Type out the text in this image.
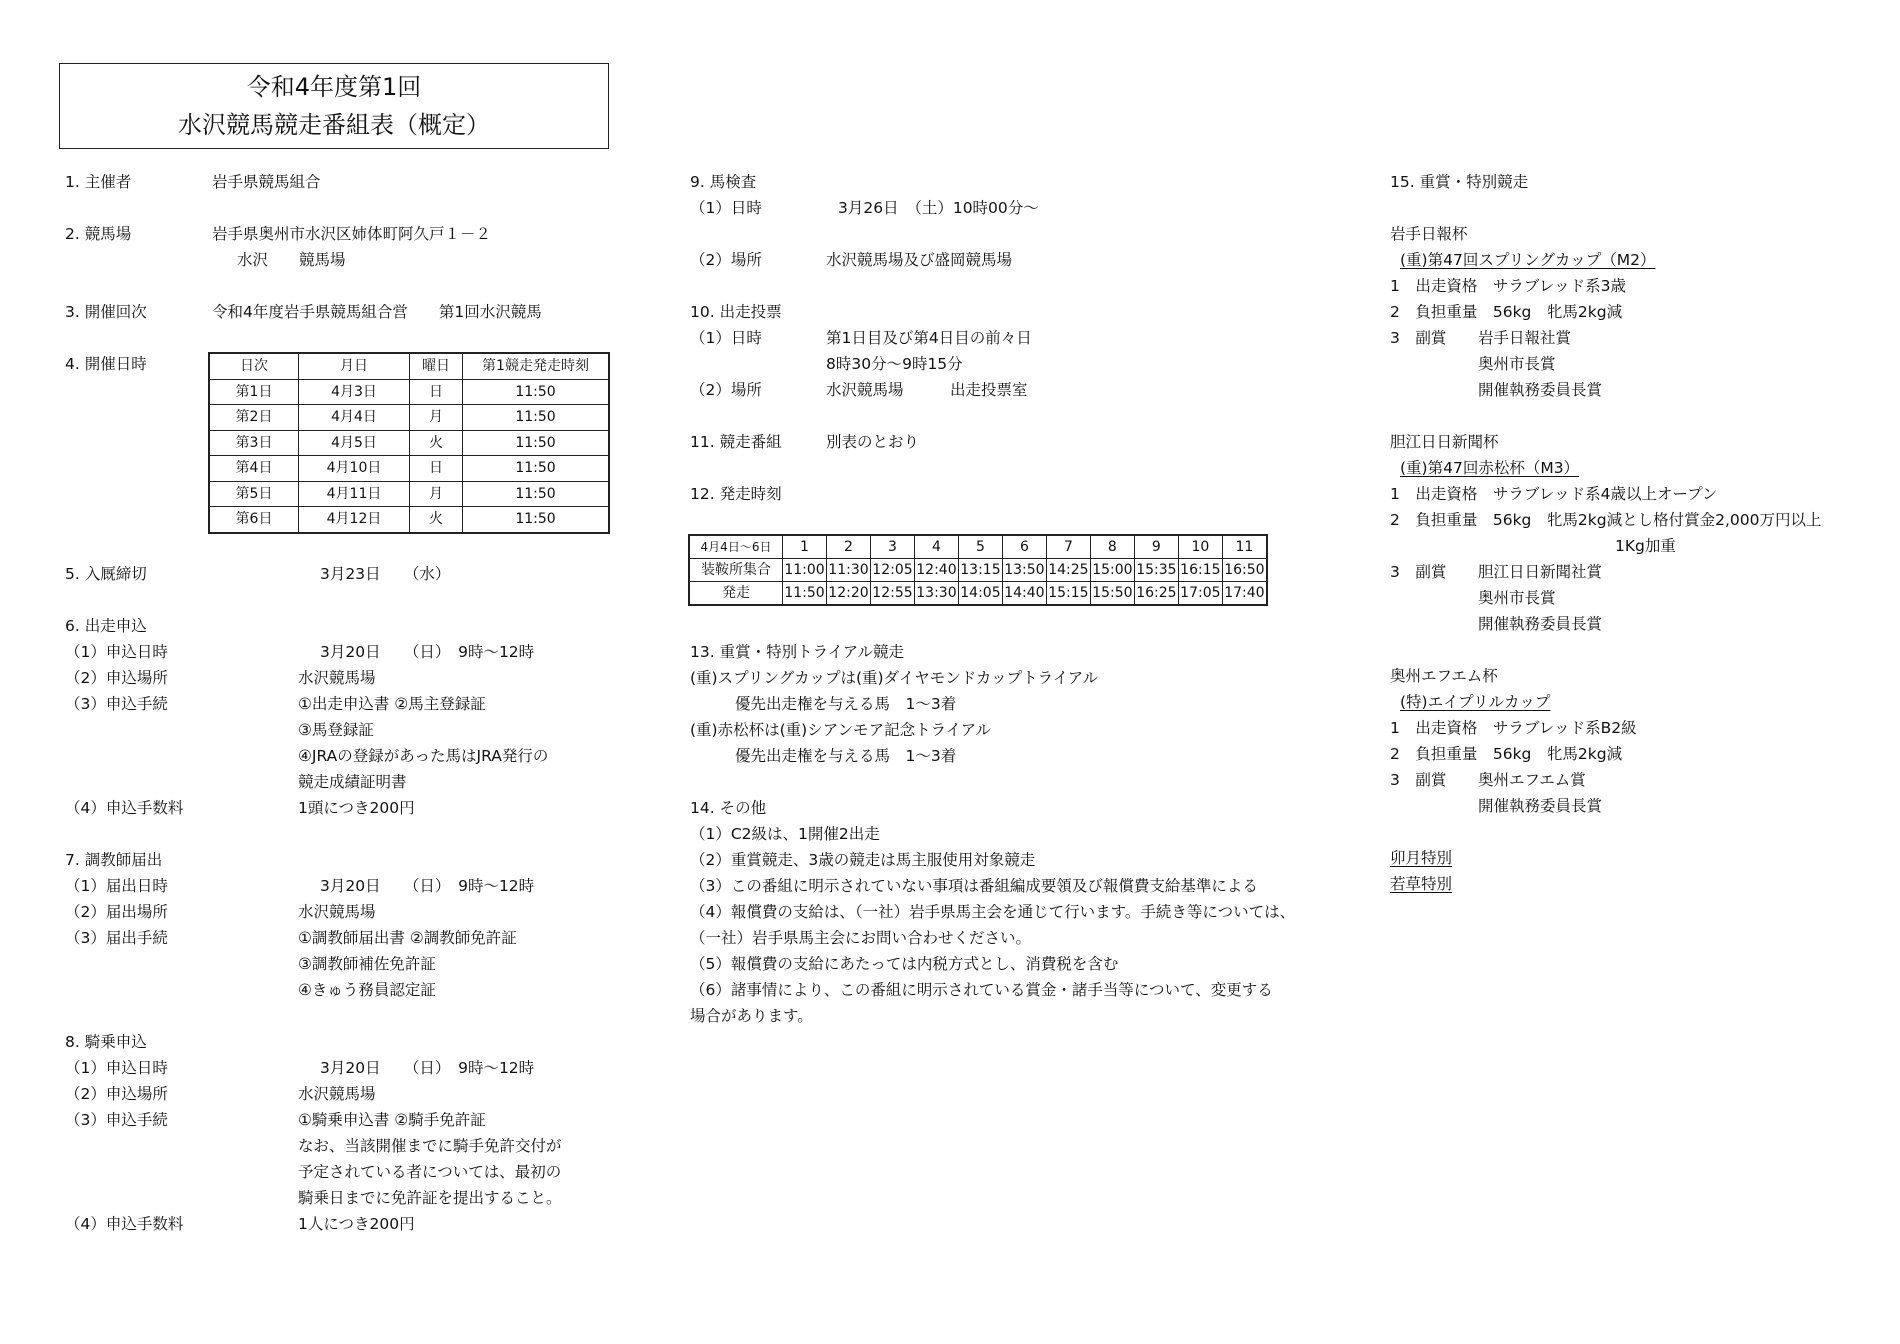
令和4年度第1回
水沢競馬競走番組表（概定）
1. 主催者	岩手県競馬組合
2. 競馬場	岩手県奥州市水沢区姉体町阿久戸１－２
水沢　　競馬場
3. 開催回次	令和4年度岩手県競馬組合営　　第1回水沢競馬
4. 開催日時	日次	月日	曜日	第1競走発走時刻
第1日	4月3日	日	11:50
第2日	4月4日	月	11:50
第3日	4月5日	火	11:50
第4日	4月10日	日	11:50
第5日	4月11日	月	11:50
第6日	4月12日	火	11:50
5. 入厩締切	3月23日　　（水）
6. 出走申込
（1）申込日時	3月20日　　（日）　9時～12時
（2）申込場所	水沢競馬場
（3）申込手続	①出走申込書 ②馬主登録証
③馬登録証
④JRAの登録があった馬はJRA発行の
競走成績証明書
（4）申込手数料	1頭につき200円
7. 調教師届出
（1）届出日時	3月20日　　（日）　9時～12時
（2）届出場所	水沢競馬場
（3）届出手続	①調教師届出書 ②調教師免許証
③調教師補佐免許証
④きゅう務員認定証
8. 騎乗申込
（1）申込日時	3月20日　　（日）　9時～12時
（2）申込場所	水沢競馬場
（3）申込手続	①騎乗申込書 ②騎手免許証
なお、当該開催までに騎手免許交付が
予定されている者については、最初の
騎乗日までに免許証を提出すること。
（4）申込手数料	1人につき200円
9. 馬検査
（1）日時	3月26日　（土）10時00分～
（2）場所	水沢競馬場及び盛岡競馬場
10. 出走投票
（1）日時	第1日目及び第4日目の前々日
8時30分～9時15分
（2）場所	水沢競馬場　　　出走投票室
11. 競走番組	別表のとおり
12. 発走時刻
4月4日～6日	1	2	3	4	5	6	7	8	9	10	11
装鞍所集合	11:00	11:30	12:05	12:40	13:15	13:50	14:25	15:00	15:35	16:15	16:50
発走	11:50	12:20	12:55	13:30	14:05	14:40	15:15	15:50	16:25	17:05	17:40
13. 重賞・特別トライアル競走
(重)スプリングカップは(重)ダイヤモンドカップトライアル
優先出走権を与える馬　1～3着
(重)赤松杯は(重)シアンモア記念トライアル
優先出走権を与える馬　1～3着
14. その他
（1）C2級は、1開催2出走
（2）重賞競走、3歳の競走は馬主服使用対象競走
（3）この番組に明示されていない事項は番組編成要領及び報償費支給基準による
（4）報償費の支給は、（一社）岩手県馬主会を通じて行います。手続き等については、
（一社）岩手県馬主会にお問い合わせください。
（5）報償費の支給にあたっては内税方式とし、消費税を含む
（6）諸事情により、この番組に明示されている賞金・諸手当等について、変更する
場合があります。
15. 重賞・特別競走
岩手日報杯
(重)第47回スプリングカップ（M2）
1　出走資格　サラブレッド系3歳
2　負担重量　56kg　牝馬2kg減
3　副賞 岩手日報社賞
奥州市長賞
開催執務委員長賞
胆江日日新聞杯
(重)第47回赤松杯（M3）
1　出走資格　サラブレッド系4歳以上オープン
2　負担重量　56kg　牝馬2kg減とし格付賞金2,000万円以上
1Kg加重
3　副賞 胆江日日新聞社賞
奥州市長賞
開催執務委員長賞
奥州エフエム杯
(特)エイプリルカップ
1　出走資格　サラブレッド系B2級
2　負担重量　56kg　牝馬2kg減
3　副賞 奥州エフエム賞
開催執務委員長賞
卯月特別
若草特別
